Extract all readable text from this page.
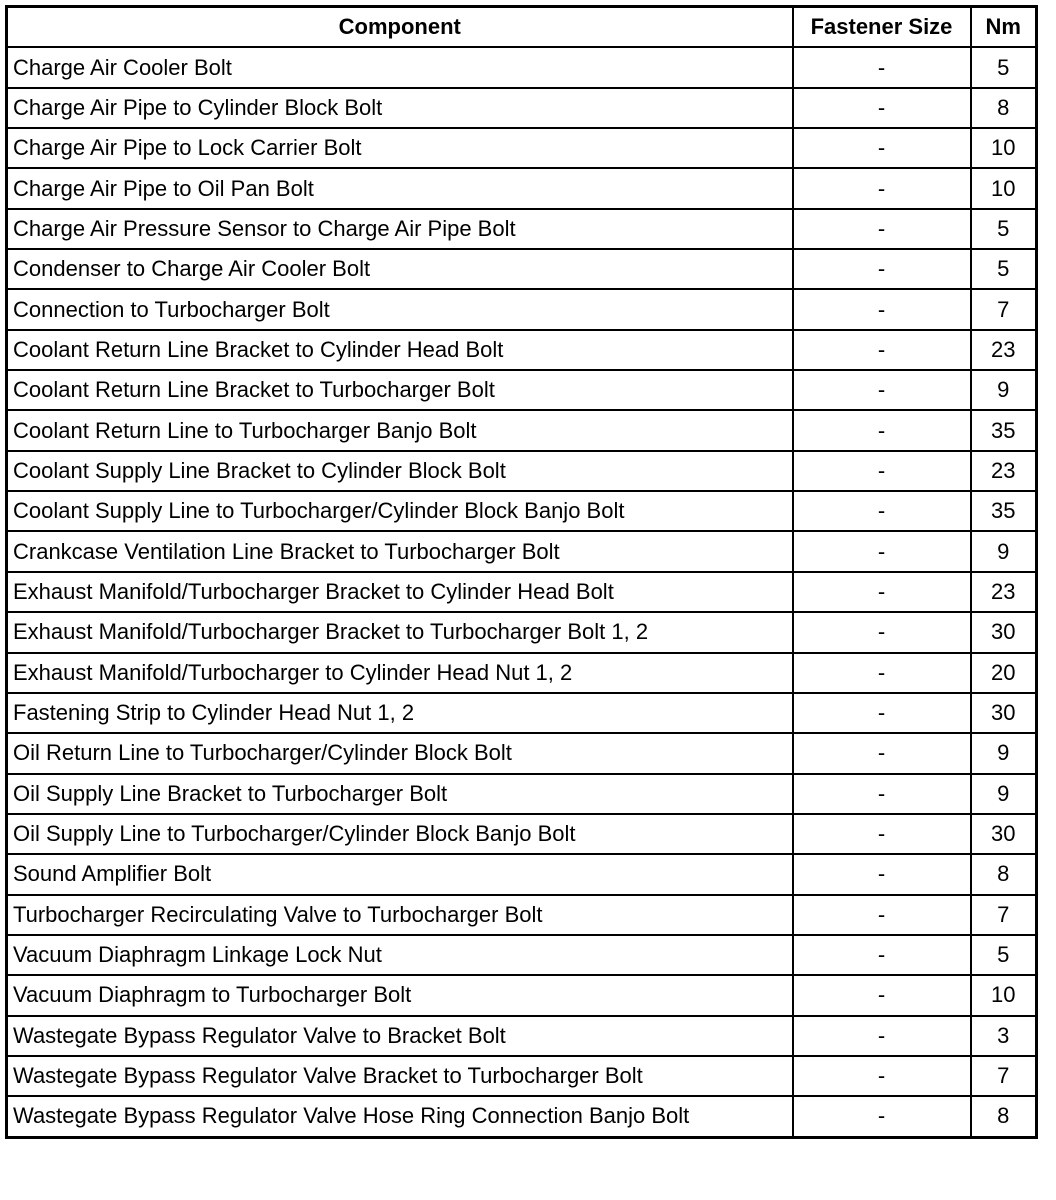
Component	Fastener Size	Nm
Charge Air Cooler Bolt	-	5
Charge Air Pipe to Cylinder Block Bolt	-	8
Charge Air Pipe to Lock Carrier Bolt	-	10
Charge Air Pipe to Oil Pan Bolt	-	10
Charge Air Pressure Sensor to Charge Air Pipe Bolt	-	5
Condenser to Charge Air Cooler Bolt	-	5
Connection to Turbocharger Bolt	-	7
Coolant Return Line Bracket to Cylinder Head Bolt	-	23
Coolant Return Line Bracket to Turbocharger Bolt	-	9
Coolant Return Line to Turbocharger Banjo Bolt	-	35
Coolant Supply Line Bracket to Cylinder Block Bolt	-	23
Coolant Supply Line to Turbocharger/Cylinder Block Banjo Bolt	-	35
Crankcase Ventilation Line Bracket to Turbocharger Bolt	-	9
Exhaust Manifold/Turbocharger Bracket to Cylinder Head Bolt	-	23
Exhaust Manifold/Turbocharger Bracket to Turbocharger Bolt 1, 2	-	30
Exhaust Manifold/Turbocharger to Cylinder Head Nut 1, 2	-	20
Fastening Strip to Cylinder Head Nut 1, 2	-	30
Oil Return Line to Turbocharger/Cylinder Block Bolt	-	9
Oil Supply Line Bracket to Turbocharger Bolt	-	9
Oil Supply Line to Turbocharger/Cylinder Block Banjo Bolt	-	30
Sound Amplifier Bolt	-	8
Turbocharger Recirculating Valve to Turbocharger Bolt	-	7
Vacuum Diaphragm Linkage Lock Nut	-	5
Vacuum Diaphragm to Turbocharger Bolt	-	10
Wastegate Bypass Regulator Valve to Bracket Bolt	-	3
Wastegate Bypass Regulator Valve Bracket to Turbocharger Bolt	-	7
Wastegate Bypass Regulator Valve Hose Ring Connection Banjo Bolt	-	8
